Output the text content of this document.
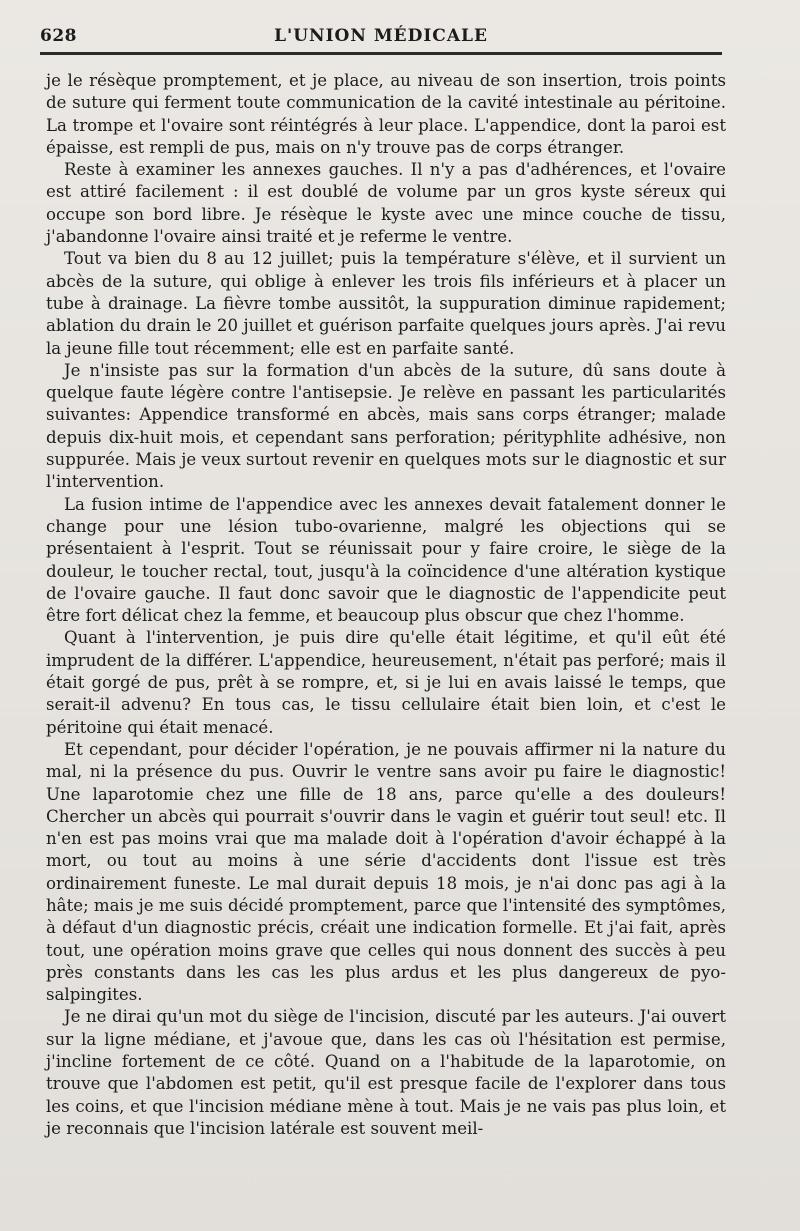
628	L'UNION MÉDICALE

je le résèque promptement, et je place, au niveau de son insertion, trois points de suture qui ferment toute communication de la cavité intestinale au péritoine. La trompe et l'ovaire sont réintégrés à leur place. L'appendice, dont la paroi est épaisse, est rempli de pus, mais on n'y trouve pas de corps étranger.

Reste à examiner les annexes gauches. Il n'y a pas d'adhérences, et l'ovaire est attiré facilement : il est doublé de volume par un gros kyste séreux qui occupe son bord libre. Je résèque le kyste avec une mince couche de tissu, j'abandonne l'ovaire ainsi traité et je referme le ventre.

Tout va bien du 8 au 12 juillet; puis la température s'élève, et il survient un abcès de la suture, qui oblige à enlever les trois fils inférieurs et à placer un tube à drainage. La fièvre tombe aussitôt, la suppuration diminue rapidement; ablation du drain le 20 juillet et guérison parfaite quelques jours après. J'ai revu la jeune fille tout récemment; elle est en parfaite santé.

Je n'insiste pas sur la formation d'un abcès de la suture, dû sans doute à quelque faute légère contre l'antisepsie. Je relève en passant les particularités suivantes: Appendice transformé en abcès, mais sans corps étranger; malade depuis dix-huit mois, et cependant sans perforation; pérityphlite adhésive, non suppurée. Mais je veux surtout revenir en quelques mots sur le diagnostic et sur l'intervention.

La fusion intime de l'appendice avec les annexes devait fatalement donner le change pour une lésion tubo-ovarienne, malgré les objections qui se présentaient à l'esprit. Tout se réunissait pour y faire croire, le siège de la douleur, le toucher rectal, tout, jusqu'à la coïncidence d'une altération kystique de l'ovaire gauche. Il faut donc savoir que le diagnostic de l'appendicite peut être fort délicat chez la femme, et beaucoup plus obscur que chez l'homme.

Quant à l'intervention, je puis dire qu'elle était légitime, et qu'il eût été imprudent de la différer. L'appendice, heureusement, n'était pas perforé; mais il était gorgé de pus, prêt à se rompre, et, si je lui en avais laissé le temps, que serait-il advenu? En tous cas, le tissu cellulaire était bien loin, et c'est le péritoine qui était menacé.

Et cependant, pour décider l'opération, je ne pouvais affirmer ni la nature du mal, ni la présence du pus. Ouvrir le ventre sans avoir pu faire le diagnostic! Une laparotomie chez une fille de 18 ans, parce qu'elle a des douleurs! Chercher un abcès qui pourrait s'ouvrir dans le vagin et guérir tout seul! etc. Il n'en est pas moins vrai que ma malade doit à l'opération d'avoir échappé à la mort, ou tout au moins à une série d'accidents dont l'issue est très ordinairement funeste. Le mal durait depuis 18 mois, je n'ai donc pas agi à la hâte; mais je me suis décidé promptement, parce que l'intensité des symptômes, à défaut d'un diagnostic précis, créait une indication formelle. Et j'ai fait, après tout, une opération moins grave que celles qui nous donnent des succès à peu près constants dans les cas les plus ardus et les plus dangereux de pyo-salpingites.

Je ne dirai qu'un mot du siège de l'incision, discuté par les auteurs. J'ai ouvert sur la ligne médiane, et j'avoue que, dans les cas où l'hésitation est permise, j'incline fortement de ce côté. Quand on a l'habitude de la laparotomie, on trouve que l'abdomen est petit, qu'il est presque facile de l'explorer dans tous les coins, et que l'incision médiane mène à tout. Mais je ne vais pas plus loin, et je reconnais que l'incision latérale est souvent meil-
